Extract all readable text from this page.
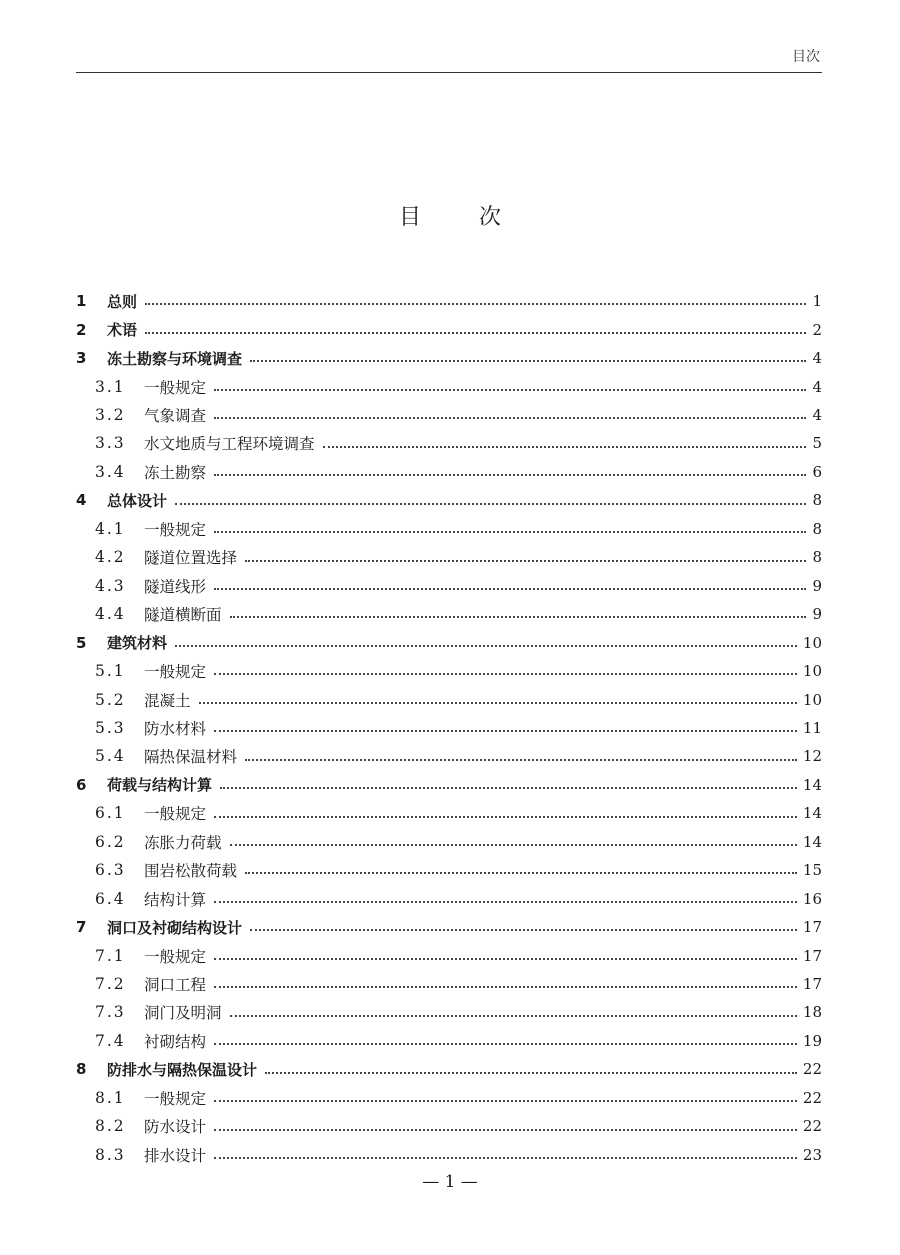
目次
目	次
1 总则	1
2 术语	2
3 冻土勘察与环境调查	4
3.1 一般规定	4
3.2 气象调查	4
3.3 水文地质与工程环境调查	5
3.4 冻土勘察	6
4 总体设计	8
4.1 一般规定	8
4.2 隧道位置选择	8
4.3 隧道线形	9
4.4 隧道横断面	9
5 建筑材料	10
5.1 一般规定	10
5.2 混凝土	10
5.3 防水材料	11
5.4 隔热保温材料	12
6 荷载与结构计算	14
6.1 一般规定	14
6.2 冻胀力荷载	14
6.3 围岩松散荷载	15
6.4 结构计算	16
7 洞口及衬砌结构设计	17
7.1 一般规定	17
7.2 洞口工程	17
7.3 洞门及明洞	18
7.4 衬砌结构	19
8 防排水与隔热保温设计	22
8.1 一般规定	22
8.2 防水设计	22
8.3 排水设计	23
— 1 —
